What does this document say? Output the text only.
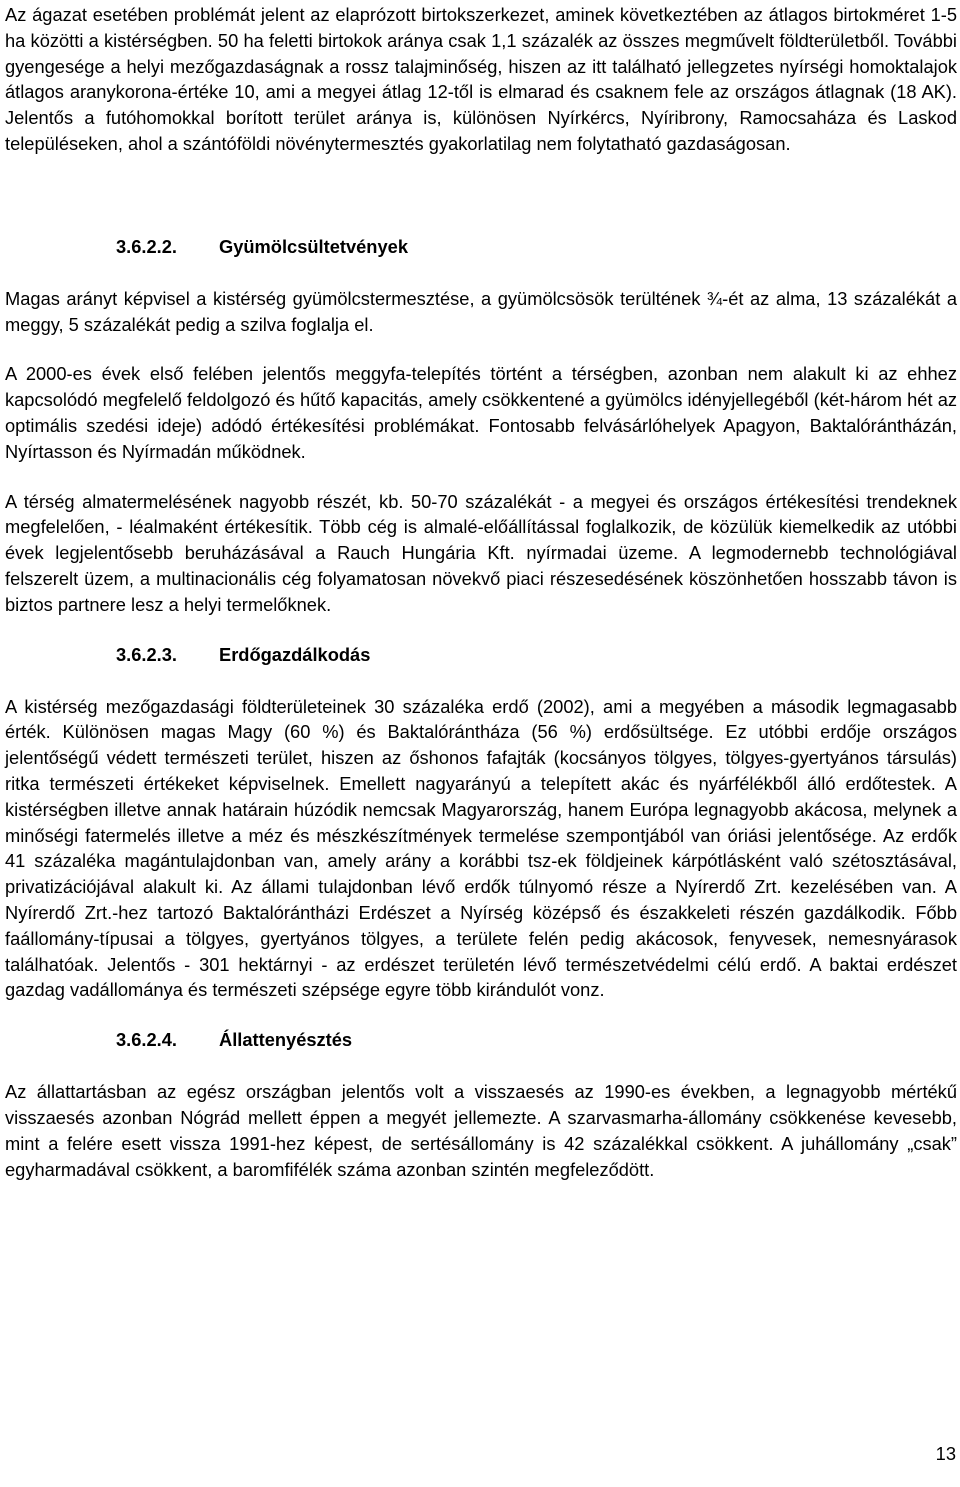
Az ágazat esetében problémát jelent az elaprózott birtokszerkezet, aminek következtében az átlagos birtokméret 1-5 ha közötti a kistérségben. 50 ha feletti birtokok aránya csak 1,1 százalék az összes megművelt földterületből. További gyengesége a helyi mezőgazdaságnak a rossz talajminőség, hiszen az itt található jellegzetes nyírségi homoktalajok átlagos aranykorona-értéke 10, ami a megyei átlag 12-től is elmarad és csaknem fele az országos átlagnak (18 AK). Jelentős a futóhomokkal borított terület aránya is, különösen Nyírkércs, Nyíribrony, Ramocsaháza és Laskod településeken, ahol a szántóföldi növénytermesztés gyakorlatilag nem folytatható gazdaságosan.

3.6.2.2. Gyümölcsültetvények

Magas arányt képvisel a kistérség gyümölcstermesztése, a gyümölcsösök terültének ¾-ét az alma, 13 százalékát a meggy, 5 százalékát pedig a szilva foglalja el.

A 2000-es évek első felében jelentős meggyfa-telepítés történt a térségben, azonban nem alakult ki az ehhez kapcsolódó megfelelő feldolgozó és hűtő kapacitás, amely csökkentené a gyümölcs idényjellegéből (két-három hét az optimális szedési ideje) adódó értékesítési problémákat. Fontosabb felvásárlóhelyek Apagyon, Baktalórántházán, Nyírtasson és Nyírmadán működnek.

A térség almatermelésének nagyobb részét, kb. 50-70 százalékát - a megyei és országos értékesítési trendeknek megfelelően, - léalmaként értékesítik. Több cég is almalé-előállítással foglalkozik, de közülük kiemelkedik az utóbbi évek legjelentősebb beruházásával a Rauch Hungária Kft. nyírmadai üzeme. A legmodernebb technológiával felszerelt üzem, a multinacionális cég folyamatosan növekvő piaci részesedésének köszönhetően hosszabb távon is biztos partnere lesz a helyi termelőknek.

3.6.2.3. Erdőgazdálkodás

A kistérség mezőgazdasági földterületeinek 30 százaléka erdő (2002), ami a megyében a második legmagasabb érték. Különösen magas Magy (60 %) és Baktalórántháza (56 %) erdősültsége. Ez utóbbi erdője országos jelentőségű védett természeti terület, hiszen az őshonos fafajták (kocsányos tölgyes, tölgyes-gyertyános társulás) ritka természeti értékeket képviselnek. Emellett nagyarányú a telepített akác és nyárfélékből álló erdőtestek. A kistérségben illetve annak határain húzódik nemcsak Magyarország, hanem Európa legnagyobb akácosa, melynek a minőségi fatermelés illetve a méz és mészkészítmények termelése szempontjából van óriási jelentősége. Az erdők 41 százaléka magántulajdonban van, amely arány a korábbi tsz-ek földjeinek kárpótlásként való szétosztásával, privatizációjával alakult ki. Az állami tulajdonban lévő erdők túlnyomó része a Nyírerdő Zrt. kezelésében van. A Nyírerdő Zrt.-hez tartozó Baktalórántházi Erdészet a Nyírség középső és északkeleti részén gazdálkodik. Főbb faállomány-típusai a tölgyes, gyertyános tölgyes, a területe felén pedig akácosok, fenyvesek, nemesnyárasok találhatóak. Jelentős - 301 hektárnyi - az erdészet területén lévő természetvédelmi célú erdő. A baktai erdészet gazdag vadállománya és természeti szépsége egyre több kirándulót vonz.

3.6.2.4. Állattenyésztés

Az állattartásban az egész országban jelentős volt a visszaesés az 1990-es években, a legnagyobb mértékű visszaesés azonban Nógrád mellett éppen a megyét jellemezte. A szarvasmarha-állomány csökkenése kevesebb, mint a felére esett vissza 1991-hez képest, de sertésállomány is 42 százalékkal csökkent. A juhállomány „csak” egyharmadával csökkent, a baromfifélék száma azonban szintén megfeleződött.

13
